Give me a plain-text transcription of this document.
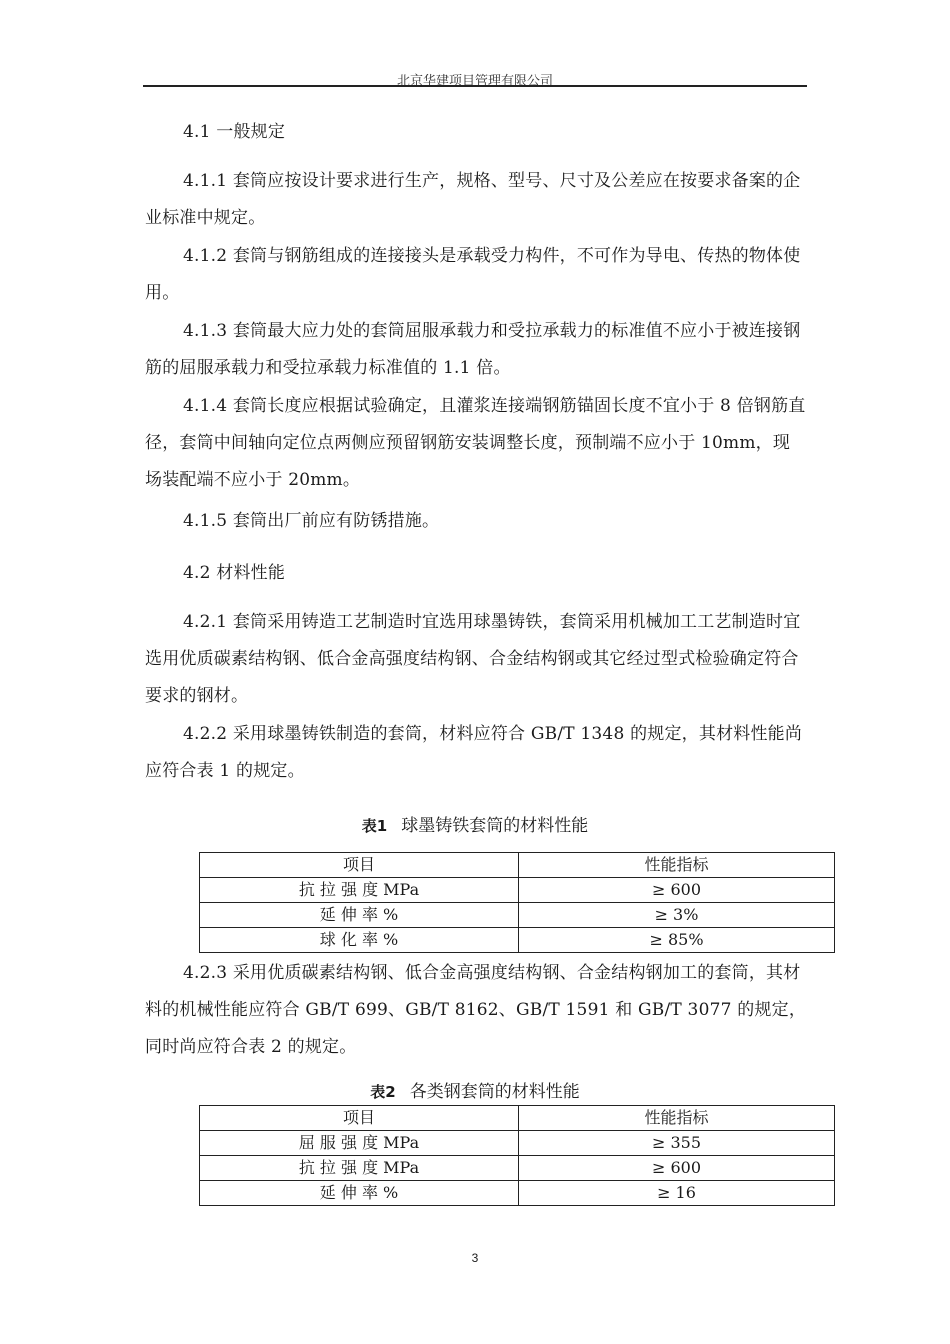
北京华建项目管理有限公司

4.1 一般规定

4.1.1 套筒应按设计要求进行生产，规格、型号、尺寸及公差应在按要求备案的企业标准中规定。

4.1.2 套筒与钢筋组成的连接接头是承载受力构件，不可作为导电、传热的物体使用。

4.1.3 套筒最大应力处的套筒屈服承载力和受拉承载力的标准值不应小于被连接钢筋的屈服承载力和受拉承载力标准值的 1.1 倍。

4.1.4 套筒长度应根据试验确定，且灌浆连接端钢筋锚固长度不宜小于 8 倍钢筋直径，套筒中间轴向定位点两侧应预留钢筋安装调整长度，预制端不应小于 10mm，现场装配端不应小于 20mm。

4.1.5 套筒出厂前应有防锈措施。

4.2 材料性能

4.2.1 套筒采用铸造工艺制造时宜选用球墨铸铁，套筒采用机械加工工艺制造时宜选用优质碳素结构钢、低合金高强度结构钢、合金结构钢或其它经过型式检验确定符合要求的钢材。

4.2.2 采用球墨铸铁制造的套筒，材料应符合 GB/T 1348 的规定，其材料性能尚应符合表 1 的规定。

表1 球墨铸铁套筒的材料性能
项目	性能指标
抗 拉 强 度 MPa	≥ 600
延 伸 率 %	≥ 3%
球 化 率 %	≥ 85%

4.2.3 采用优质碳素结构钢、低合金高强度结构钢、合金结构钢加工的套筒，其材料的机械性能应符合 GB/T 699、GB/T 8162、GB/T 1591 和 GB/T 3077 的规定，同时尚应符合表 2 的规定。

表2 各类钢套筒的材料性能
项目	性能指标
屈 服 强 度 MPa	≥ 355
抗 拉 强 度 MPa	≥ 600
延 伸 率 %	≥ 16
3
